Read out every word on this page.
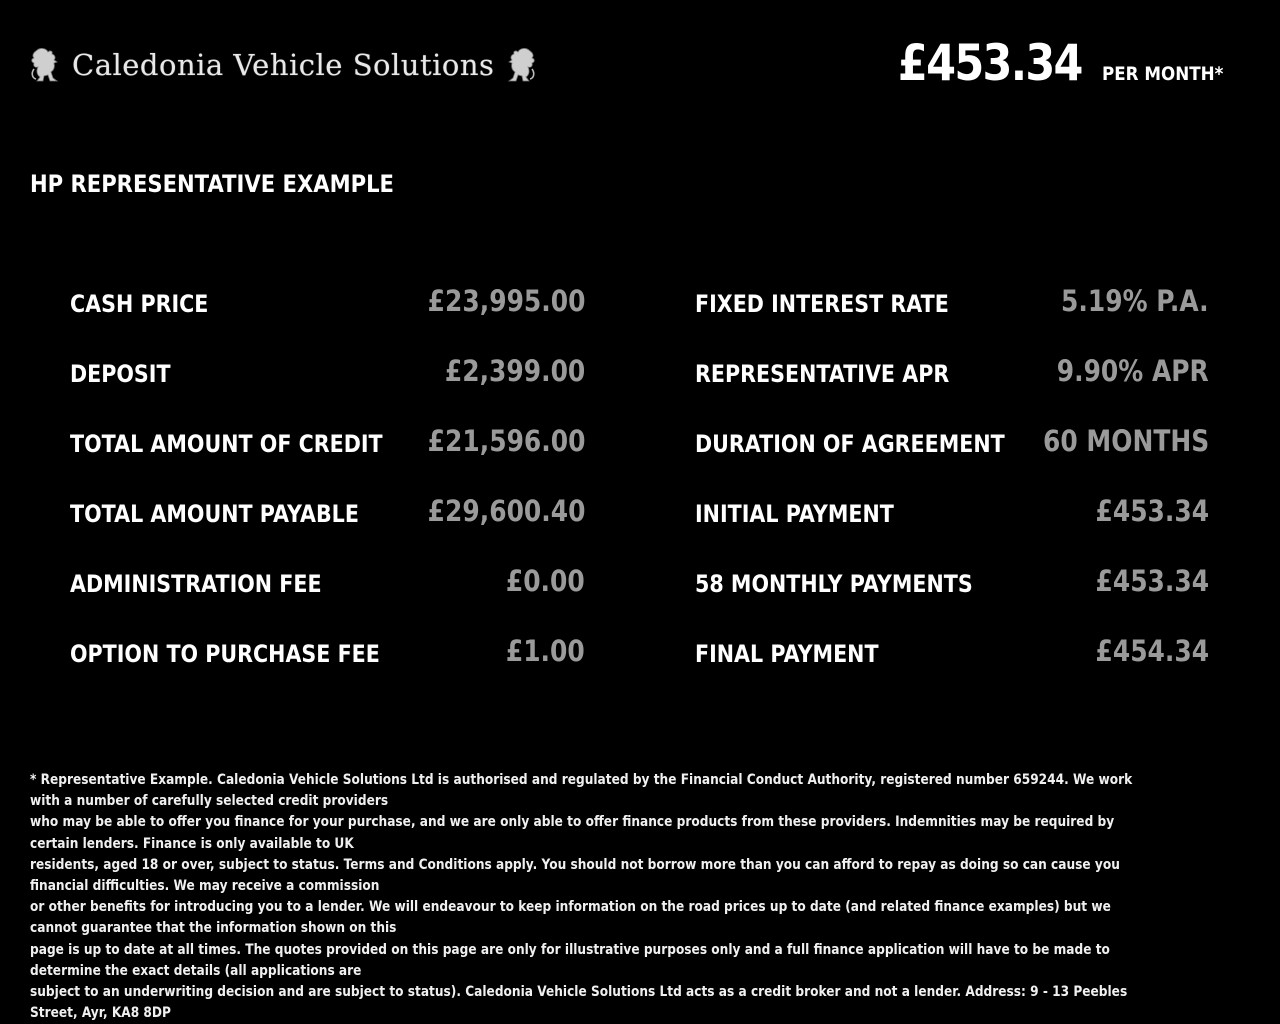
Caledonia Vehicle Solutions	£453.34 PER MONTH*
HP REPRESENTATIVE EXAMPLE
CASH PRICE	£23,995.00
DEPOSIT	£2,399.00
TOTAL AMOUNT OF CREDIT £21,596.00
TOTAL AMOUNT PAYABLE £29,600.40
ADMINISTRATION FEE	£0.00
OPTION TO PURCHASE FEE	£1.00
FIXED INTEREST RATE	5.19% P.A.
REPRESENTATIVE APR	9.90% APR
DURATION OF AGREEMENT 60 MONTHS
INITIAL PAYMENT	£453.34
58 MONTHLY PAYMENTS	£453.34
FINAL PAYMENT	£454.34
* Representative Example. Caledonia Vehicle Solutions Ltd is authorised and regulated by the Financial Conduct Authority, registered number 659244. We work with a number of carefully selected credit providers
who may be able to offer you finance for your purchase, and we are only able to offer finance products from these providers. Indemnities may be required by certain lenders. Finance is only available to UK
residents, aged 18 or over, subject to status. Terms and Conditions apply. You should not borrow more than you can afford to repay as doing so can cause you financial difficulties. We may receive a commission
or other benefits for introducing you to a lender. We will endeavour to keep information on the road prices up to date (and related finance examples) but we cannot guarantee that the information shown on this
page is up to date at all times. The quotes provided on this page are only for illustrative purposes only and a full finance application will have to be made to determine the exact details (all applications are
subject to an underwriting decision and are subject to status). Caledonia Vehicle Solutions Ltd acts as a credit broker and not a lender. Address: 9 - 13 Peebles Street, Ayr, KA8 8DP
